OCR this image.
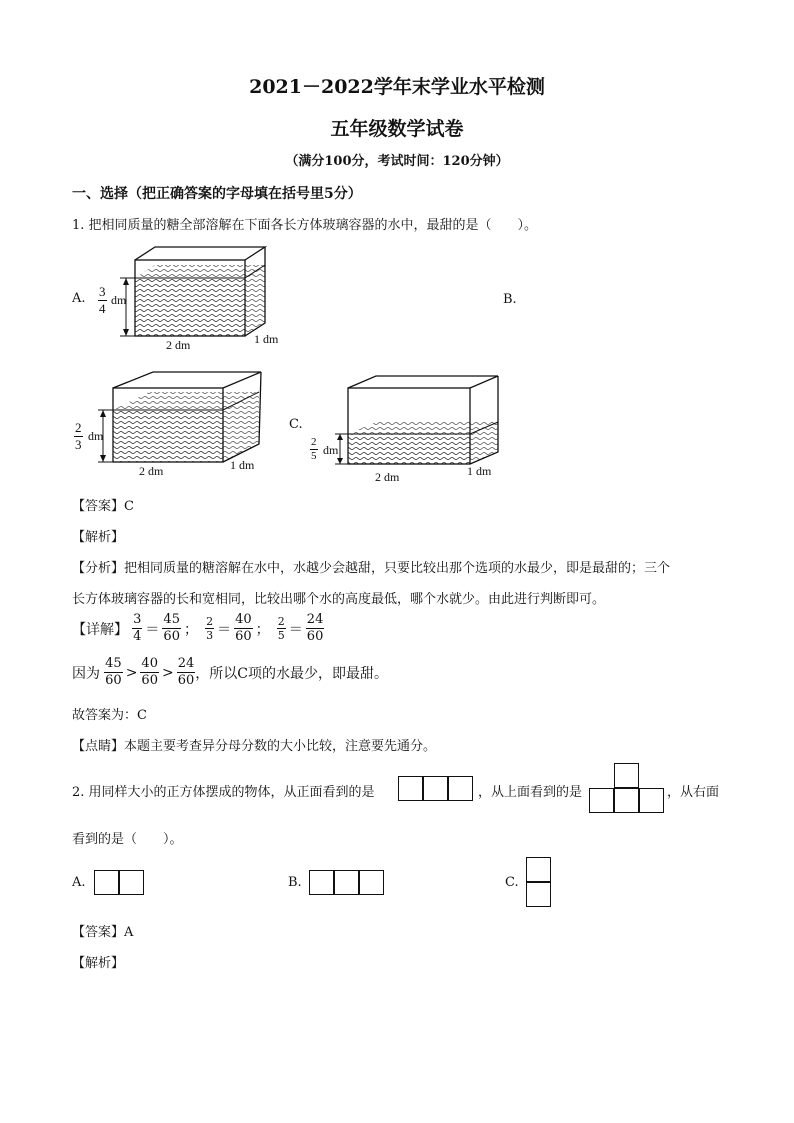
2021－2022学年末学业水平检测
五年级数学试卷
（满分100分，考试时间：120分钟）
一、选择（把正确答案的字母填在括号里5分）
1. 把相同质量的糖全部溶解在下面各长方体玻璃容器的水中，最甜的是（　　）。
A.	B.
C.
$\frac{3}{4}$ dm
2 dm	1 dm
$\frac{2}{3}$ dm
2 dm	1 dm
$\frac{2}{5}$ dm
2 dm	1 dm
【答案】C
【解析】
【分析】把相同质量的糖溶解在水中，水越少会越甜，只要比较出那个选项的水最少，即是最甜的；三个
长方体玻璃容器的长和宽相同，比较出哪个水的高度最低，哪个水就少。由此进行判断即可。
【详解】 $\frac{3}{4} = \frac{45}{60}$ ； $\frac{2}{3} = \frac{40}{60}$ ； $\frac{2}{5} = \frac{24}{60}$
因为 $\frac{45}{60} > \frac{40}{60} > \frac{24}{60}$ ，所以C项的水最少，即最甜。
故答案为：C
【点睛】本题主要考查异分母分数的大小比较，注意要先通分。
2. 用同样大小的正方体摆成的物体，从正面看到的是	，从上面看到的是	，从右面
看到的是（　　）。
A.	B.	C.
【答案】A
【解析】
